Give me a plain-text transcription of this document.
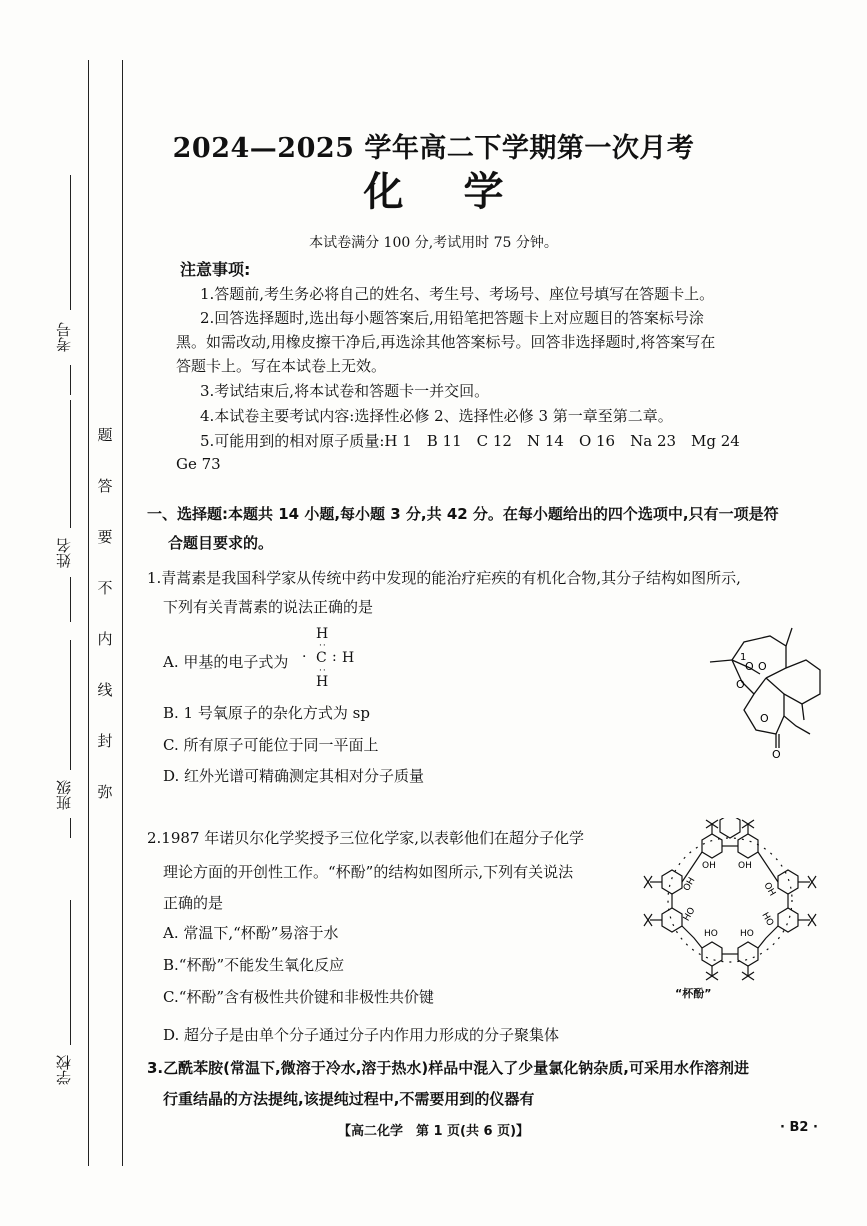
考号
姓名
班级
学校
题
答
要
不
内
线
封
弥
2024—2025 学年高二下学期第一次月考
化学
本试卷满分 100 分,考试用时 75 分钟。
注意事项:
1.答题前,考生务必将自己的姓名、考生号、考场号、座位号填写在答题卡上。
2.回答选择题时,选出每小题答案后,用铅笔把答题卡上对应题目的答案标号涂
黑。如需改动,用橡皮擦干净后,再选涂其他答案标号。回答非选择题时,将答案写在
答题卡上。写在本试卷上无效。
3.考试结束后,将本试卷和答题卡一并交回。
4.本试卷主要考试内容:选择性必修 2、选择性必修 3 第一章至第二章。
5.可能用到的相对原子质量:H 1　B 11　C 12　N 14　O 16　Na 23　Mg 24
Ge 73
一、选择题:本题共 14 小题,每小题 3 分,共 42 分。在每小题给出的四个选项中,只有一项是符
合题目要求的。
1.青蒿素是我国科学家从传统中药中发现的能治疗疟疾的有机化合物,其分子结构如图所示,
下列有关青蒿素的说法正确的是
A. 甲基的电子式为
H
· C : H
H
··
··
B. 1 号氧原子的杂化方式为 sp
C. 所有原子可能位于同一平面上
D. 红外光谱可精确测定其相对分子质量
O
1
O
O
O
O
2.1987 年诺贝尔化学奖授予三位化学家,以表彰他们在超分子化学
理论方面的开创性工作。“杯酚”的结构如图所示,下列有关说法
正确的是
A. 常温下,“杯酚”易溶于水
B.“杯酚”不能发生氧化反应
C.“杯酚”含有极性共价键和非极性共价键
D. 超分子是由单个分子通过分子内作用力形成的分子聚集体
OH OH
OH	OH
HO	HO
HO HO
“杯酚”
3.乙酰苯胺(常温下,微溶于冷水,溶于热水)样品中混入了少量氯化钠杂质,可采用水作溶剂进
行重结晶的方法提纯,该提纯过程中,不需要用到的仪器有
【高二化学　第 1 页(共 6 页)】	· B2 ·
